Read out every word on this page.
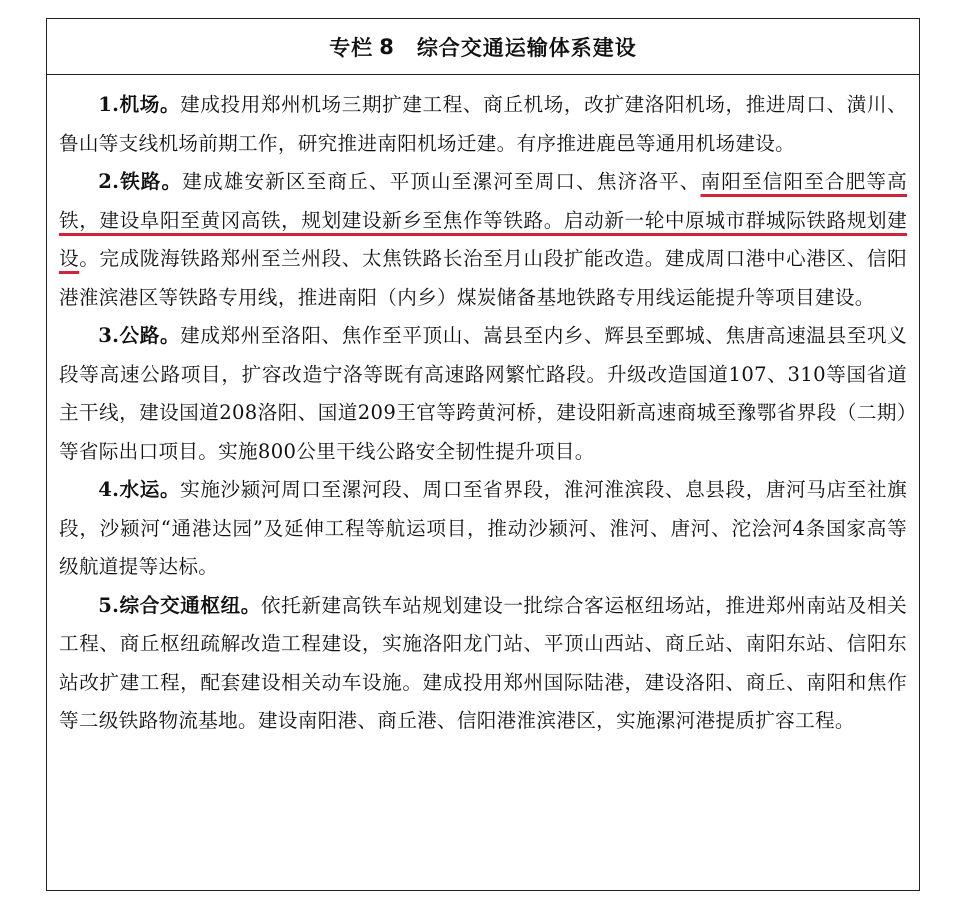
专栏 8 综合交通运输体系建设

1.机场。建成投用郑州机场三期扩建工程、商丘机场，改扩建洛阳机场，推进周口、潢川、鲁山等支线机场前期工作，研究推进南阳机场迁建。有序推进鹿邑等通用机场建设。

2.铁路。建成雄安新区至商丘、平顶山至漯河至周口、焦济洛平、南阳至信阳至合肥等高铁，建设阜阳至黄冈高铁，规划建设新乡至焦作等铁路。启动新一轮中原城市群城际铁路规划建设。完成陇海铁路郑州至兰州段、太焦铁路长治至月山段扩能改造。建成周口港中心港区、信阳港淮滨港区等铁路专用线，推进南阳（内乡）煤炭储备基地铁路专用线运能提升等项目建设。

3.公路。建成郑州至洛阳、焦作至平顶山、嵩县至内乡、辉县至鄄城、焦唐高速温县至巩义段等高速公路项目，扩容改造宁洛等既有高速路网繁忙路段。升级改造国道107、310等国省道主干线，建设国道208洛阳、国道209王官等跨黄河桥，建设阳新高速商城至豫鄂省界段（二期）等省际出口项目。实施800公里干线公路安全韧性提升项目。

4.水运。实施沙颍河周口至漯河段、周口至省界段，淮河淮滨段、息县段，唐河马店至社旗段，沙颍河“通港达园”及延伸工程等航运项目，推动沙颍河、淮河、唐河、沱浍河4条国家高等级航道提等达标。

5.综合交通枢纽。依托新建高铁车站规划建设一批综合客运枢纽场站，推进郑州南站及相关工程、商丘枢纽疏解改造工程建设，实施洛阳龙门站、平顶山西站、商丘站、南阳东站、信阳东站改扩建工程，配套建设相关动车设施。建成投用郑州国际陆港，建设洛阳、商丘、南阳和焦作等二级铁路物流基地。建设南阳港、商丘港、信阳港淮滨港区，实施漯河港提质扩容工程。
